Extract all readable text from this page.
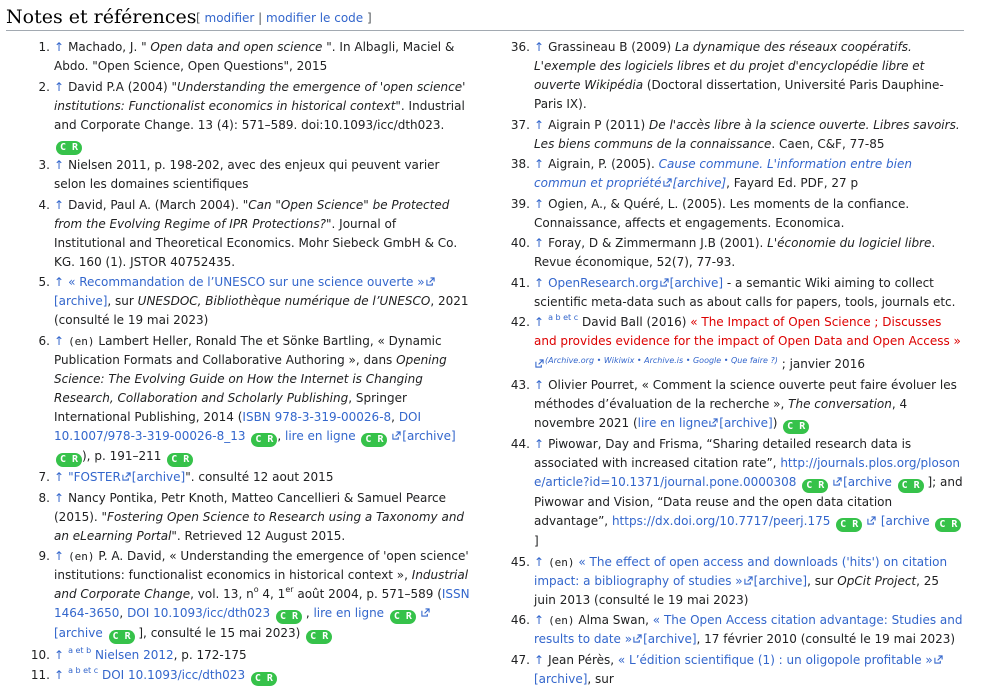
Notes et références [ modifier | modifier le code ]
1. ↑ Machado, J. " Open data and open science ". In Albagli, Maciel & Abdo. "Open Science, Open Questions", 2015
2. ↑ David P.A (2004) "Understanding the emergence of 'open science' institutions: Functionalist economics in historical context". Industrial and Corporate Change. 13 (4): 571–589. doi:10.1093/icc/dth023. C R
3. ↑ Nielsen 2011, p. 198-202, avec des enjeux qui peuvent varier selon les domaines scientifiques
4. ↑ David, Paul A. (March 2004). "Can "Open Science" be Protected from the Evolving Regime of IPR Protections?". Journal of Institutional and Theoretical Economics. Mohr Siebeck GmbH & Co. KG. 160 (1). JSTOR 40752435.
5. ↑ « Recommandation de l’UNESCO sur une science ouverte »[archive], sur UNESDOC, Bibliothèque numérique de l’UNESCO, 2021 (consulté le 19 mai 2023)
6. ↑ (en) Lambert Heller, Ronald The et Sönke Bartling, « Dynamic Publication Formats and Collaborative Authoring », dans Opening Science: The Evolving Guide on How the Internet is Changing Research, Collaboration and Scholarly Publishing, Springer International Publishing, 2014 (ISBN 978-3-319-00026-8, DOI 10.1007/978-3-319-00026-8_13 C R , lire en ligne C R [archive] C R ), p. 191–211 C R
7. ↑ "FOSTER [archive]". consulté 12 aout 2015
8. ↑ Nancy Pontika, Petr Knoth, Matteo Cancellieri & Samuel Pearce (2015). "Fostering Open Science to Research using a Taxonomy and an eLearning Portal". Retrieved 12 August 2015.
9. ↑ (en) P. A. David, « Understanding the emergence of 'open science' institutions: functionalist economics in historical context », Industrial and Corporate Change, vol. 13, $n^o$ 4, 1er août 2004, p. 571–589 (ISSN 1464-3650, DOI 10.1093/icc/dth023 C R , lire en ligne C R [archive C R ], consulté le 15 mai 2023) C R
10. ↑ $^{a et b}$ Nielsen 2012, p. 172-175
11. ↑ $^{a b et c}$ DOI 10.1093/icc/dth023 C R
36. ↑ Grassineau B (2009) La dynamique des réseaux coopératifs. L'exemple des logiciels libres et du projet d'encyclopédie libre et ouverte Wikipédia (Doctoral dissertation, Université Paris Dauphine-Paris IX).
37. ↑ Aigrain P (2011) De l'accès libre à la science ouverte. Libres savoirs. Les biens communs de la connaissance. Caen, C&F, 77-85
38. ↑ Aigrain, P. (2005). Cause commune. L'information entre bien commun et propriété [archive], Fayard Ed. PDF, 27 p
39. ↑ Ogien, A., & Quéré, L. (2005). Les moments de la confiance. Connaissance, affects et engagements. Economica.
40. ↑ Foray, D & Zimmermann J.B (2001). L'économie du logiciel libre. Revue économique, 52(7), 77-93.
41. ↑ OpenResearch.org [archive] - a semantic Wiki aiming to collect scientific meta-data such as about calls for papers, tools, journals etc.
42. ↑ $^{a b et c}$ David Ball (2016) « The Impact of Open Science ; Discusses and provides evidence for the impact of Open Data and Open Access »$^{(Archive.org • Wikiwix • Archive.is • Google • Que faire ?)}$ ; janvier 2016
43. ↑ Olivier Pourret, « Comment la science ouverte peut faire évoluer les méthodes d’évaluation de la recherche », The conversation, 4 novembre 2021 (lire en ligne [archive]) C R
44. ↑ Piwowar, Day and Frisma, “Sharing detailed research data is associated with increased citation rate”, http://journals.plos.org/plosone/article?id=10.1371/journal.pone.0000308 C R [archive C R ]; and Piwowar and Vision, “Data reuse and the open data citation advantage”, https://dx.doi.org/10.7717/peerj.175 C R [archive C R ]
45. ↑ (en) « The effect of open access and downloads ('hits') on citation impact: a bibliography of studies » [archive], sur OpCit Project, 25 juin 2013 (consulté le 19 mai 2023)
46. ↑ (en) Alma Swan, « The Open Access citation advantage: Studies and results to date » [archive], 17 février 2010 (consulté le 19 mai 2023)
47. ↑ Jean Pérès, « L’édition scientifique (1) : un oligopole profitable »[archive], sur
